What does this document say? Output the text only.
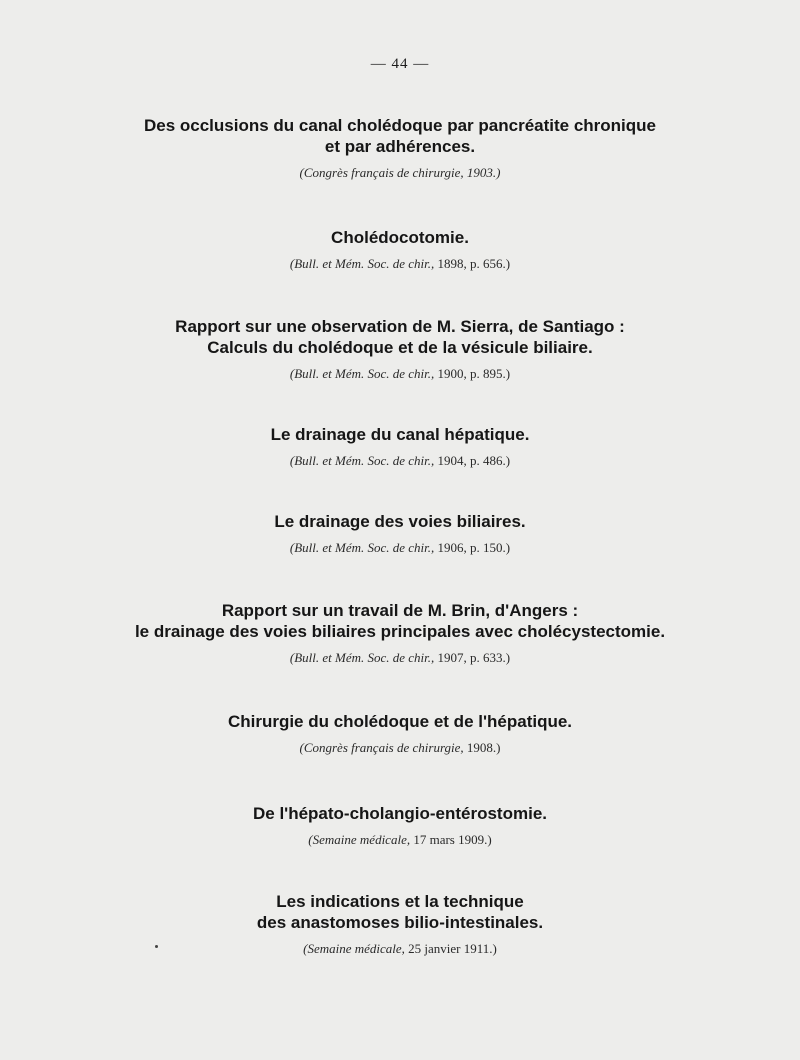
— 44 —
Des occlusions du canal cholédoque par pancréatite chronique
et par adhérences.
(Congrès français de chirurgie, 1903.)
Cholédocotomie.
(Bull. et Mém. Soc. de chir., 1898, p. 656.)
Rapport sur une observation de M. Sierra, de Santiago :
Calculs du cholédoque et de la vésicule biliaire.
(Bull. et Mém. Soc. de chir., 1900, p. 895.)
Le drainage du canal hépatique.
(Bull. et Mém. Soc. de chir., 1904, p. 486.)
Le drainage des voies biliaires.
(Bull. et Mém. Soc. de chir., 1906, p. 150.)
Rapport sur un travail de M. Brin, d'Angers :
le drainage des voies biliaires principales avec cholécystectomie.
(Bull. et Mém. Soc. de chir., 1907, p. 633.)
Chirurgie du cholédoque et de l'hépatique.
(Congrès français de chirurgie, 1908.)
De l'hépato-cholangio-entérostomie.
(Semaine médicale, 17 mars 1909.)
Les indications et la technique
des anastomoses bilio-intestinales.
(Semaine médicale, 25 janvier 1911.)
